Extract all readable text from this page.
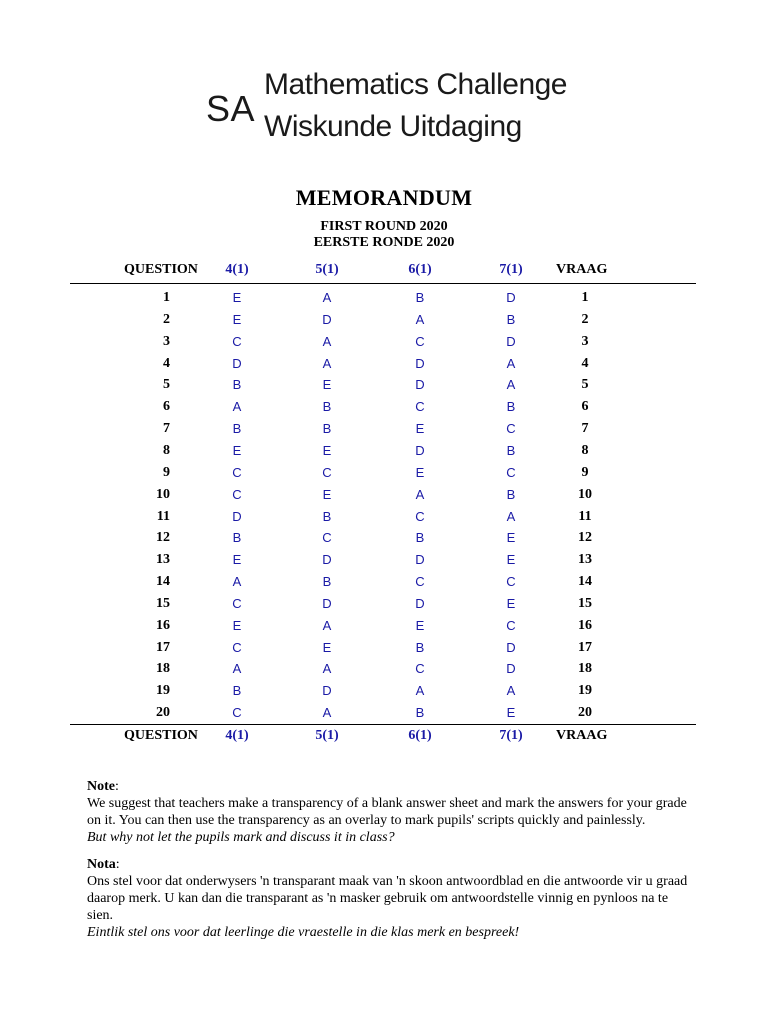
SA
Mathematics Challenge
Wiskunde Uitdaging
MEMORANDUM
FIRST ROUND 2020
EERSTE RONDE 2020
QUESTION	4(1)	5(1)	6(1)	7(1)	VRAAG
1	E	A	B	D	1
2	E	D	A	B	2
3	C	A	C	D	3
4	D	A	D	A	4
5	B	E	D	A	5
6	A	B	C	B	6
7	B	B	E	C	7
8	E	E	D	B	8
9	C	C	E	C	9
10	C	E	A	B	10
11	D	B	C	A	11
12	B	C	B	E	12
13	E	D	D	E	13
14	A	B	C	C	14
15	C	D	D	E	15
16	E	A	E	C	16
17	C	E	B	D	17
18	A	A	C	D	18
19	B	D	A	A	19
20	C	A	B	E	20
QUESTION	4(1)	5(1)	6(1)	7(1)	VRAAG

Note:

We suggest that teachers make a transparency of a blank answer sheet and mark the answers for your grade on it. You can then use the transparency as an overlay to mark pupils' scripts quickly and painlessly.

But why not let the pupils mark and discuss it in class?

Nota:

Ons stel voor dat onderwysers 'n transparant maak van 'n skoon antwoordblad en die antwoorde vir u graad daarop merk. U kan dan die transparant as 'n masker gebruik om antwoordstelle vinnig en pynloos na te sien.

Eintlik stel ons voor dat leerlinge die vraestelle in die klas merk en bespreek!
